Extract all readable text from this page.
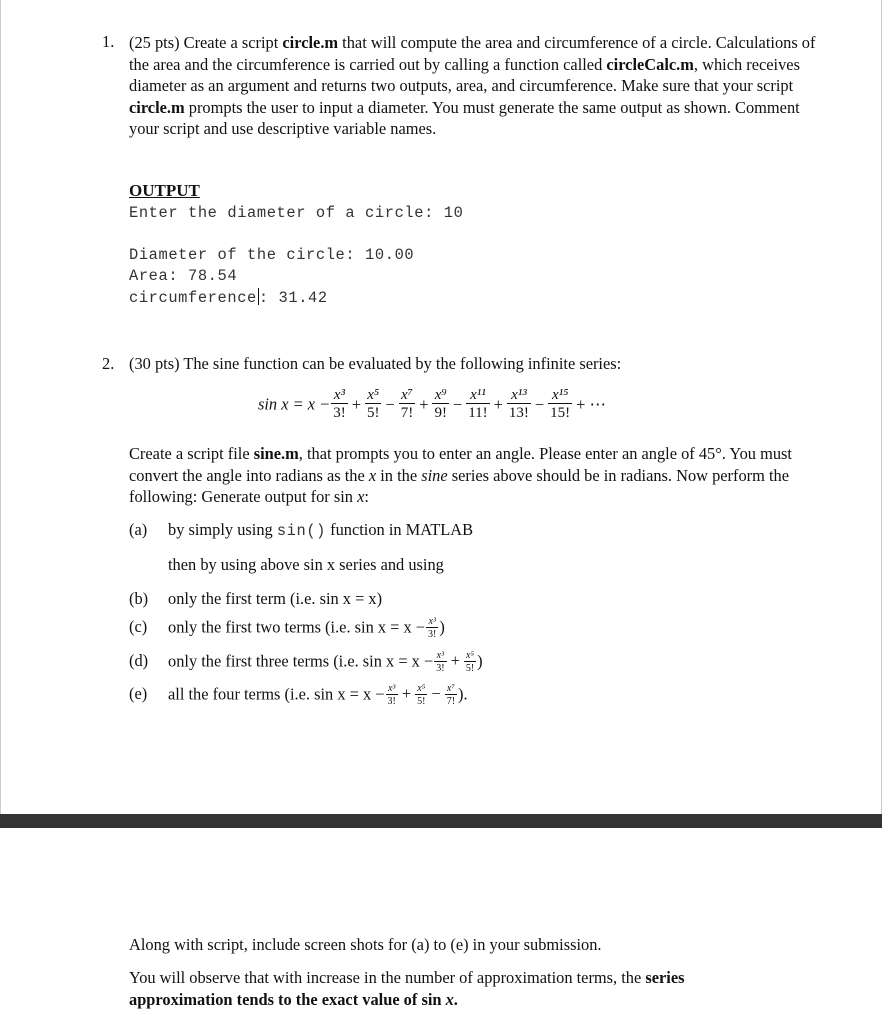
1. (25 pts) Create a script circle.m that will compute the area and circumference of a circle. Calculations of the area and the circumference is carried out by calling a function called circleCalc.m, which receives diameter as an argument and returns two outputs, area, and circumference. Make sure that your script circle.m prompts the user to input a diameter. You must generate the same output as shown. Comment your script and use descriptive variable names.
OUTPUT
Enter the diameter of a circle: 10
Diameter of the circle: 10.00
Area: 78.54
circumference : 31.42
2. (30 pts) The sine function can be evaluated by the following infinite series:
$\sin x = x - \frac{\text{x³}}{3!} + \frac{\text{x⁵}}{5!} - \frac{\text{x⁷}}{7!} + \frac{\text{x⁹}}{9!} - \frac{\text{x¹¹}}{11!} + \frac{\text{x¹³}}{13!} - \frac{\text{x¹⁵}}{15!}$ + ⋯
Create a script file sine.m, that prompts you to enter an angle. Please enter an angle of 45°. You must convert the angle into radians as the x in the sine series above should be in radians. Now perform the following: Generate output for sin x:
(a) by simply using sin() function in MATLAB
then by using above sin x series and using
(b) only the first term (i.e. sin x = x)
(c) only the first two terms (i.e. $\sin x = x - \frac{\text{x³}}{3!}$ )
(d) only the first three terms (i.e. $\sin x = x - \frac{\text{x³}}{3!} + \frac{\text{x⁵}}{5!}$ )
(e) all the four terms (i.e. $\sin x = x - \frac{\text{x³}}{3!} + \frac{\text{x⁵}}{5!} - \frac{\text{x⁷}}{7!}$ ).
Along with script, include screen shots for (a) to (e) in your submission.
You will observe that with increase in the number of approximation terms, the series approximation tends to the exact value of sin x.
